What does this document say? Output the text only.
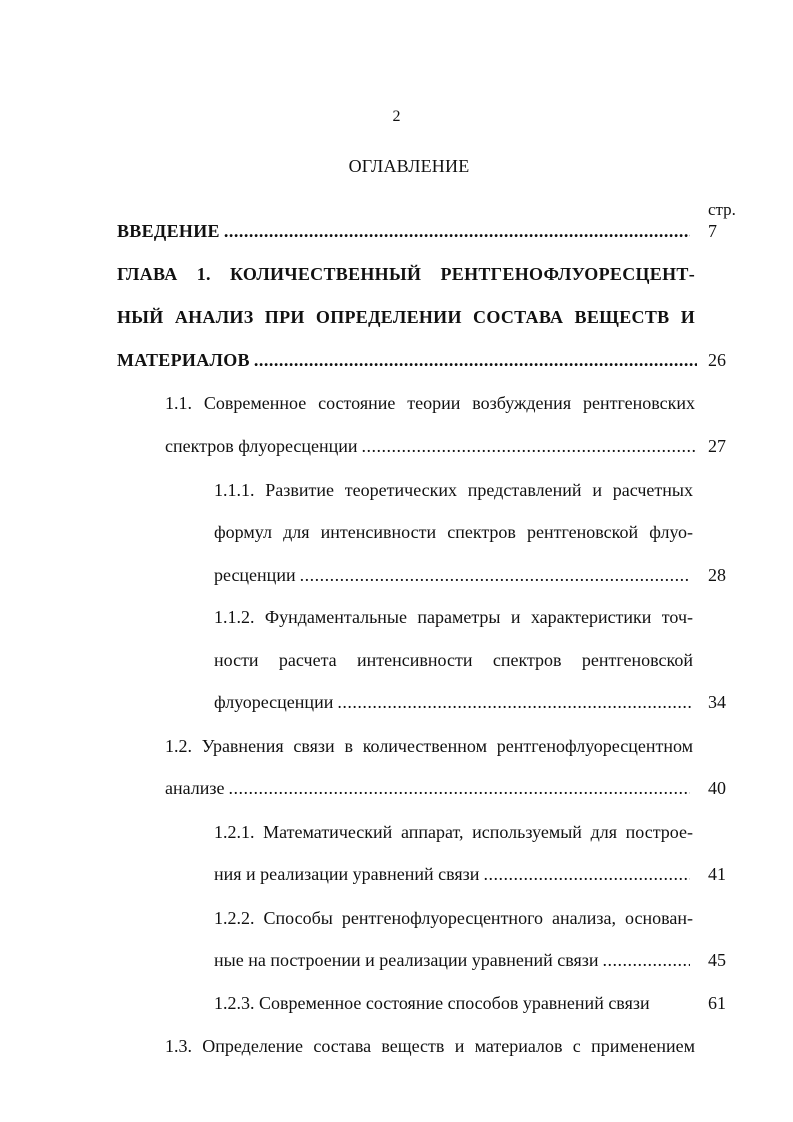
2
ОГЛАВЛЕНИЕ
стр.
ВВЕДЕНИЕ .....	7
ГЛАВА 1. КОЛИЧЕСТВЕННЫЙ РЕНТГЕНОФЛУОРЕСЦЕНТ-
НЫЙ АНАЛИЗ ПРИ ОПРЕДЕЛЕНИИ СОСТАВА ВЕЩЕСТВ И
МАТЕРИАЛОВ .....	26
1.1. Современное состояние теории возбуждения рентгеновских
спектров флуоресценции .....	27
1.1.1. Развитие теоретических представлений и расчетных
формул для интенсивности спектров рентгеновской флуо-
ресценции .....	28
1.1.2. Фундаментальные параметры и характеристики точ-
ности расчета интенсивности спектров рентгеновской
флуоресценции .....	34
1.2. Уравнения связи в количественном рентгенофлуоресцентном
анализе .....	40
1.2.1. Математический аппарат, используемый для построе-
ния и реализации уравнений связи .....	41
1.2.2. Способы рентгенофлуоресцентного анализа, основан-
ные на построении и реализации уравнений связи .....	45
1.2.3. Современное состояние способов уравнений связи	61
1.3. Определение состава веществ и материалов с применением
